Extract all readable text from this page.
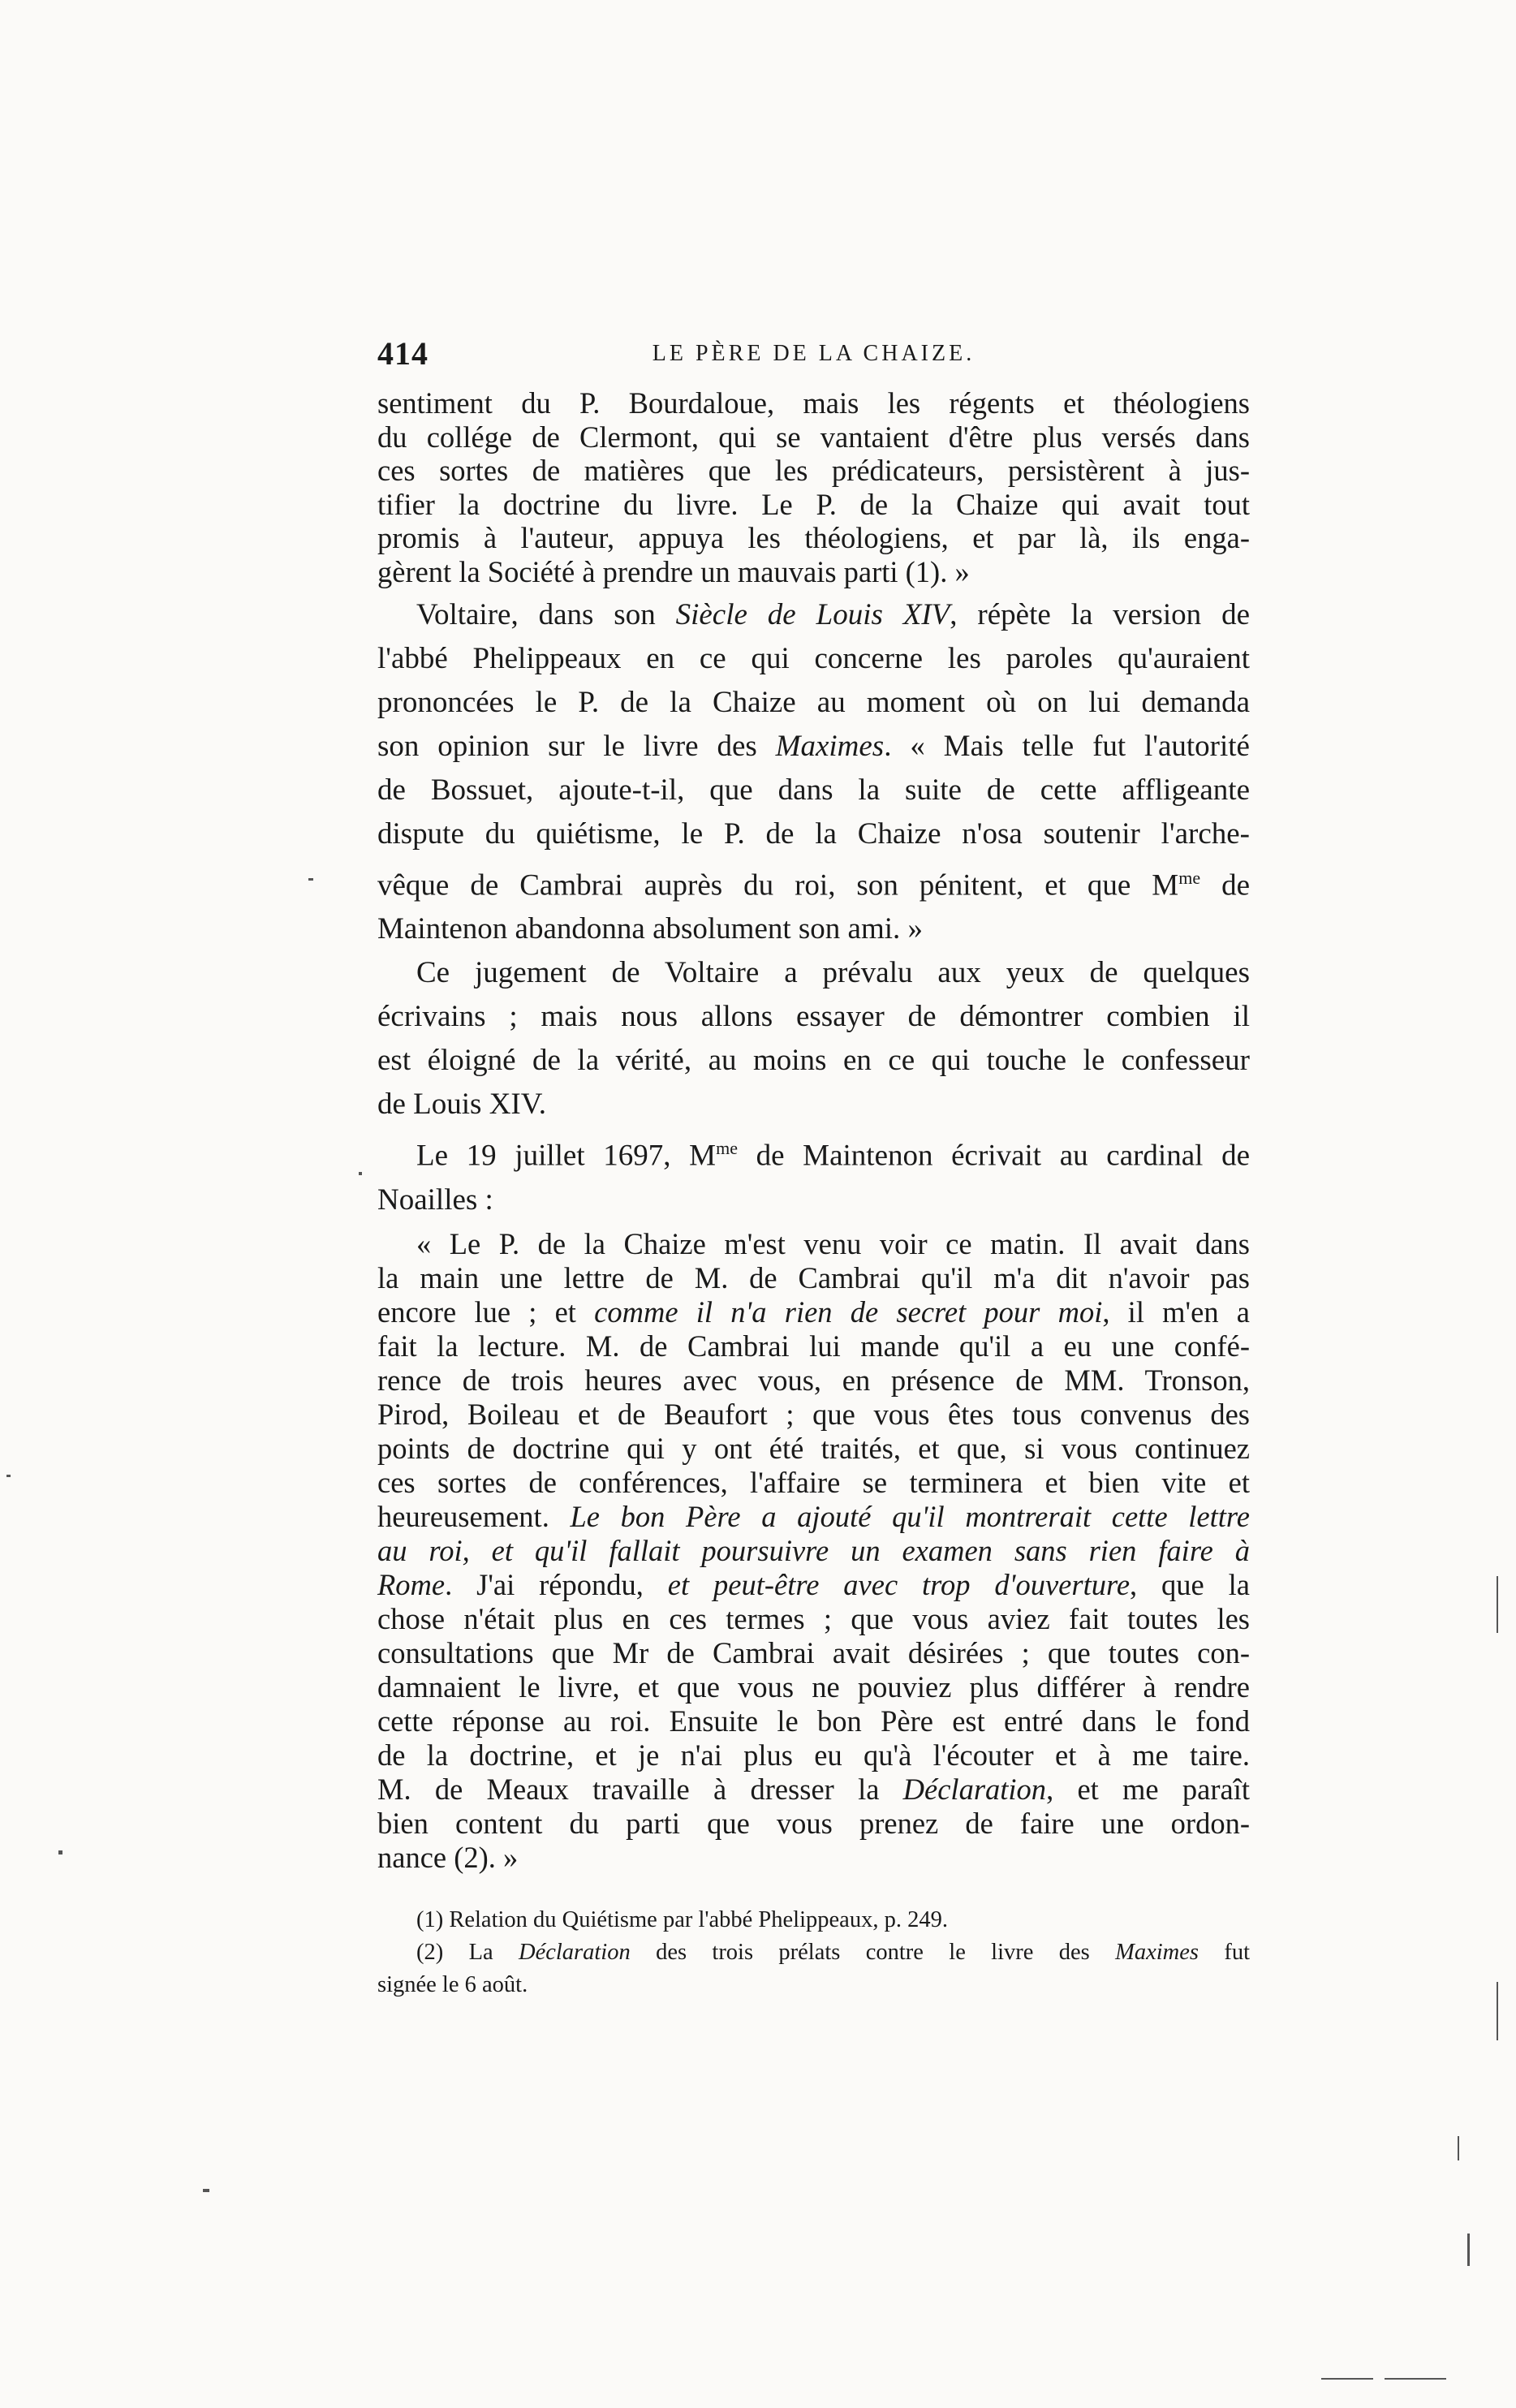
414	LE PÈRE DE LA CHAIZE.
sentiment du P. Bourdaloue, mais les régents et théologiens
du collége de Clermont, qui se vantaient d'être plus versés dans
ces sortes de matières que les prédicateurs, persistèrent à jus-
tifier la doctrine du livre. Le P. de la Chaize qui avait tout
promis à l'auteur, appuya les théologiens, et par là, ils enga-
gèrent la Société à prendre un mauvais parti (1). »
Voltaire, dans son Siècle de Louis XIV, répète la version de
l'abbé Phelippeaux en ce qui concerne les paroles qu'auraient
prononcées le P. de la Chaize au moment où on lui demanda
son opinion sur le livre des Maximes. « Mais telle fut l'autorité
de Bossuet, ajoute-t-il, que dans la suite de cette affligeante
dispute du quiétisme, le P. de la Chaize n'osa soutenir l'arche-
vêque de Cambrai auprès du roi, son pénitent, et que $M^{me}$ de
Maintenon abandonna absolument son ami. »
Ce jugement de Voltaire a prévalu aux yeux de quelques
écrivains ; mais nous allons essayer de démontrer combien il
est éloigné de la vérité, au moins en ce qui touche le confesseur
de Louis XIV.
Le 19 juillet 1697, $M^{me}$ de Maintenon écrivait au cardinal de
Noailles :
« Le P. de la Chaize m'est venu voir ce matin. Il avait dans
la main une lettre de M. de Cambrai qu'il m'a dit n'avoir pas
encore lue ; et comme il n'a rien de secret pour moi, il m'en a
fait la lecture. M. de Cambrai lui mande qu'il a eu une confé-
rence de trois heures avec vous, en présence de MM. Tronson,
Pirod, Boileau et de Beaufort ; que vous êtes tous convenus des
points de doctrine qui y ont été traités, et que, si vous continuez
ces sortes de conférences, l'affaire se terminera et bien vite et
heureusement. Le bon Père a ajouté qu'il montrerait cette lettre
au roi, et qu'il fallait poursuivre un examen sans rien faire à
Rome. J'ai répondu, et peut-être avec trop d'ouverture, que la
chose n'était plus en ces termes ; que vous aviez fait toutes les
consultations que Mr de Cambrai avait désirées ; que toutes con-
damnaient le livre, et que vous ne pouviez plus différer à rendre
cette réponse au roi. Ensuite le bon Père est entré dans le fond
de la doctrine, et je n'ai plus eu qu'à l'écouter et à me taire.
M. de Meaux travaille à dresser la Déclaration, et me paraît
bien content du parti que vous prenez de faire une ordon-
nance (2). »
(1) Relation du Quiétisme par l'abbé Phelippeaux, p. 249.
(2) La Déclaration des trois prélats contre le livre des Maximes fut
signée le 6 août.
